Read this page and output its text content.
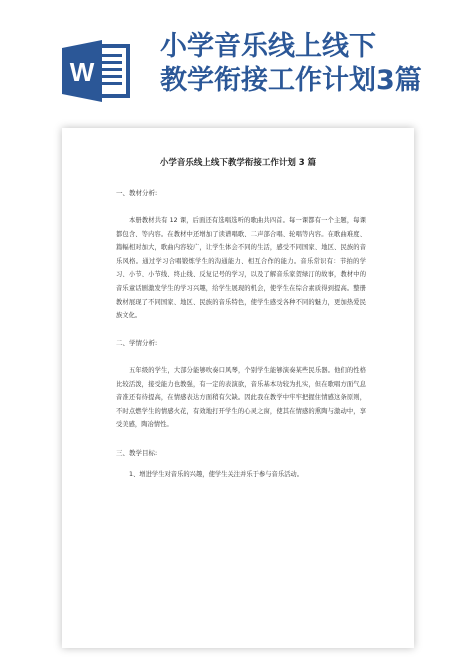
W
小学音乐线上线下
教学衔接工作计划3篇
小学音乐线上线下教学衔接工作计划 3 篇
一、教材分析:
本册教材共有 12 课，后面还有选唱选听的歌曲共四首。每一课都有一个主题，每课都包含、等内容。在教材中还增加了读谱唱歌、二声部合唱、轮唱等内容。在歌曲难度、篇幅相对加大，歌曲内容较广，让学生体会不同的生活，感受不同国家、地区、民族的音乐风格。通过学习合唱锻炼学生的沟通能力、相互合作的能力。音乐常识有：节拍的学习、小节、小节线、终止线、反复记号的学习，以及了解音乐家贺绿汀的故事，教材中的音乐童话剧激发学生的学习兴趣，给学生展现的机会，使学生在综合素质得到提高。整册教材展现了不同国家、地区、民族的音乐特色，使学生感受各种不同的魅力，更加热爱民族文化。
二、学情分析:
五年级的学生，大部分能够吹奏口风琴，个别学生能够演奏某些民乐器。他们的性格比较活泼，接受能力也教强，有一定的表演欲，音乐基本功较为扎实，但在歌唱方面气息音准还有待提高，在情感表达方面稍有欠缺。因此我在教学中牢牢把握住情感这条原则，不时点燃学生的情感火花，有效地打开学生的心灵之窗，使其在情感的熏陶与激动中，享受美感，陶冶情性。
三、教学目标:
1、增进学生对音乐的兴趣，使学生关注并乐于参与音乐活动。
